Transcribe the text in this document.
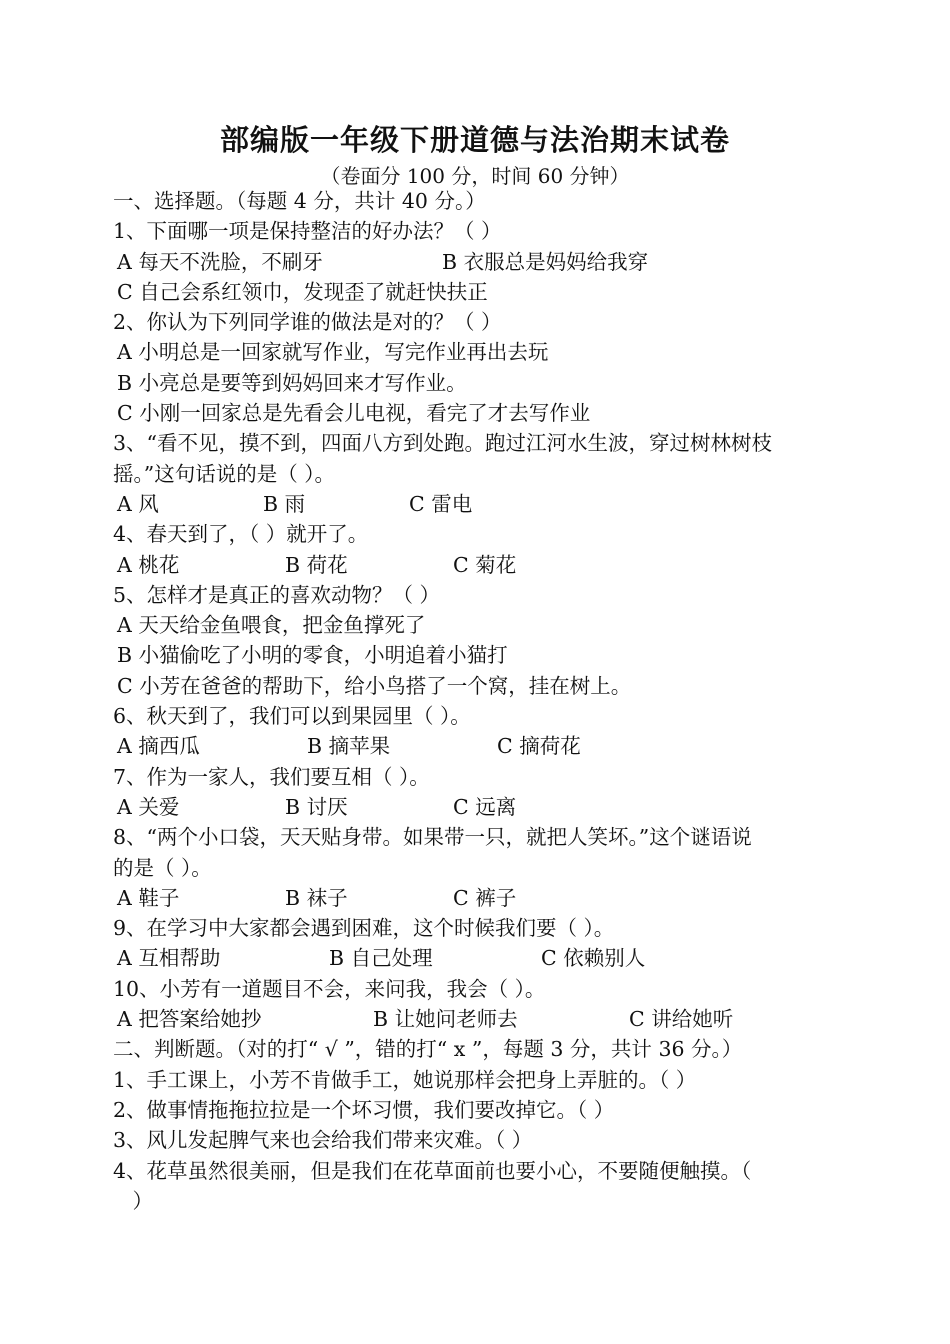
部编版一年级下册道德与法治期末试卷
（卷面分 100 分，时间 60 分钟）
一、选择题。（每题 4 分，共计 40 分。）
1、下面哪一项是保持整洁的好办法？（ ）
A 每天不洗脸，不刷牙	B 衣服总是妈妈给我穿
C 自己会系红领巾，发现歪了就赶快扶正
2、你认为下列同学谁的做法是对的？（ ）
A 小明总是一回家就写作业，写完作业再出去玩
B 小亮总是要等到妈妈回来才写作业。
C 小刚一回家总是先看会儿电视，看完了才去写作业
3、“看不见，摸不到，四面八方到处跑。跑过江河水生波，穿过树林树枝
摇。”这句话说的是（ ）。
A 风	B 雨	C 雷电
4、春天到了，（ ）就开了。
A 桃花	B 荷花	C 菊花
5、怎样才是真正的喜欢动物？（ ）
A 天天给金鱼喂食，把金鱼撑死了
B 小猫偷吃了小明的零食，小明追着小猫打
C 小芳在爸爸的帮助下，给小鸟搭了一个窝，挂在树上。
6、秋天到了，我们可以到果园里（ ）。
A 摘西瓜	B 摘苹果	C 摘荷花
7、作为一家人，我们要互相（ ）。
A 关爱	B 讨厌	C 远离
8、“两个小口袋，天天贴身带。如果带一只，就把人笑坏。”这个谜语说
的是（ ）。
A 鞋子	B 袜子	C 裤子
9、在学习中大家都会遇到困难，这个时候我们要（ ）。
A 互相帮助	B 自己处理	C 依赖别人
10、小芳有一道题目不会，来问我，我会（ ）。
A 把答案给她抄	B 让她问老师去	C 讲给她听
二、判断题。（对的打“ √ ”，错的打“ x ”，每题 3 分，共计 36 分。）
1、手工课上，小芳不肯做手工，她说那样会把身上弄脏的。（ ）
2、做事情拖拖拉拉是一个坏习惯，我们要改掉它。（ ）
3、风儿发起脾气来也会给我们带来灾难。（ ）
4、花草虽然很美丽，但是我们在花草面前也要小心，不要随便触摸。（
）
